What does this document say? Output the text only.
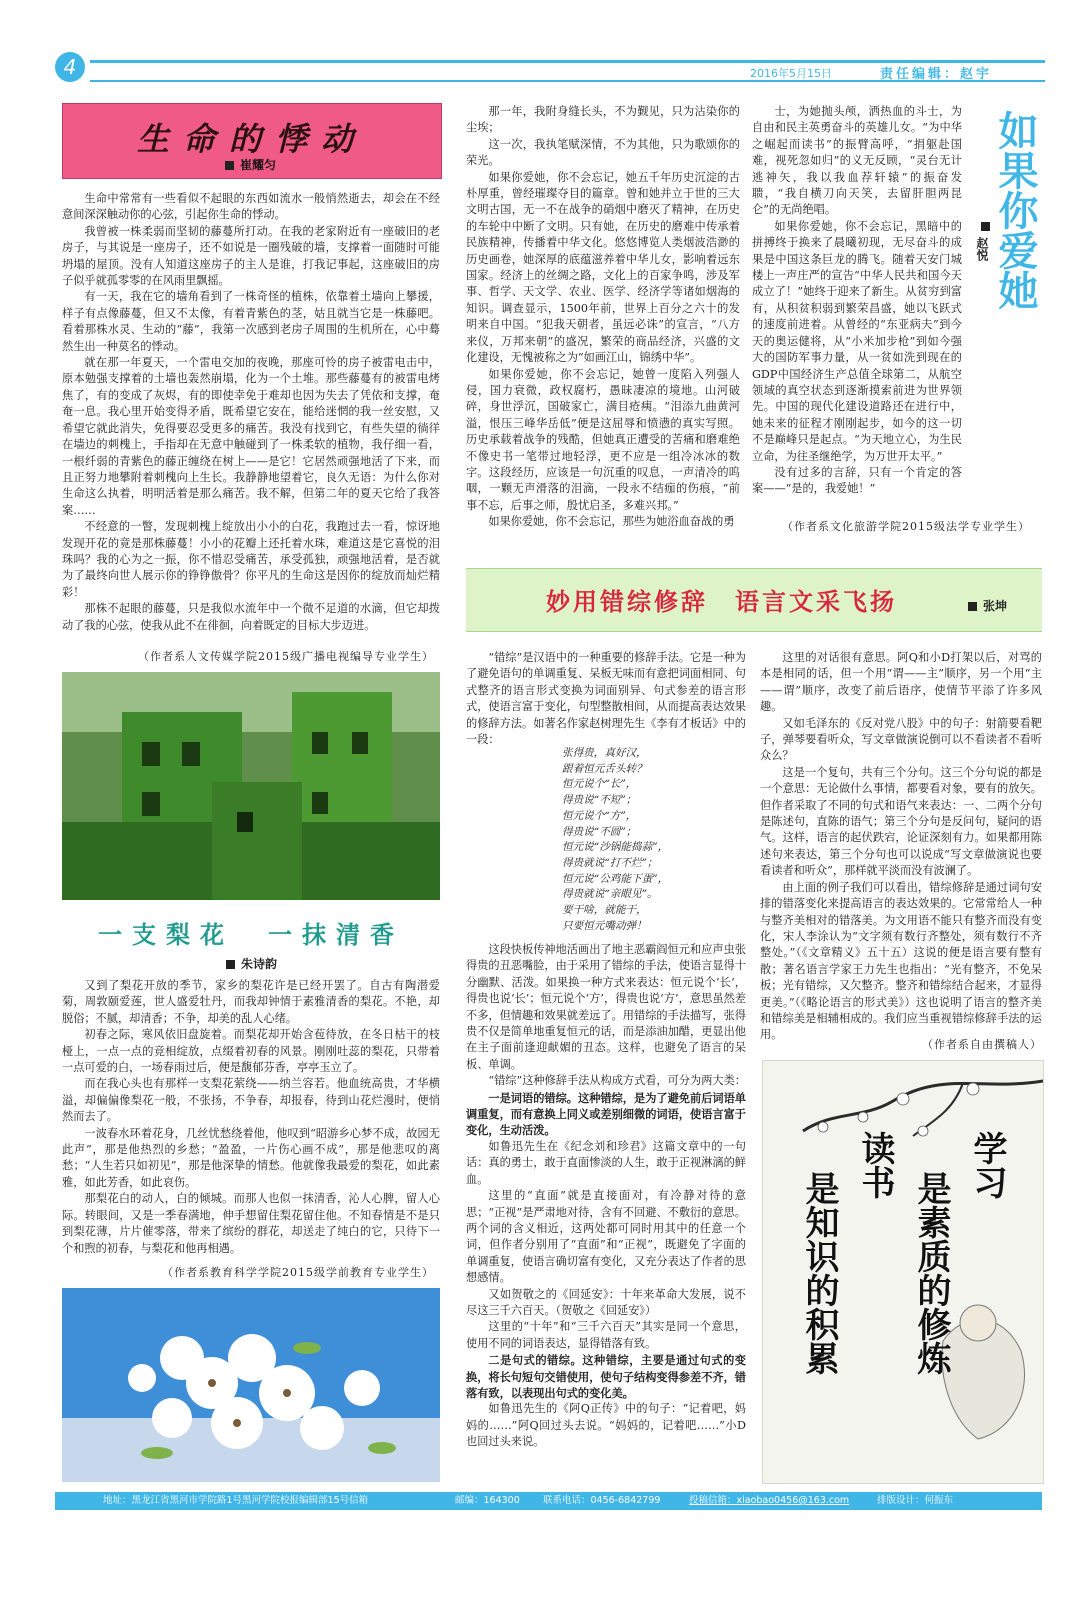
4	2016年5月15日	责任编辑：赵宇
生命的悸动
崔耀匀

生命中常常有一些看似不起眼的东西如流水一般悄然逝去，却会在不经意间深深触动你的心弦，引起你生命的悸动。

我曾被一株柔弱而坚韧的藤蔓所打动。在我的老家附近有一座破旧的老房子，与其说是一座房子，还不如说是一圈残破的墙，支撑着一面随时可能坍塌的屋顶。没有人知道这座房子的主人是谁，打我记事起，这座破旧的房子似乎就孤零零的在风雨里飘摇。

有一天，我在它的墙角看到了一株奇怪的植株，依靠着土墙向上攀援，样子有点像藤蔓，但又不太像，有着青紫色的茎，姑且就当它是一株藤吧。看着那株水灵、生动的“藤”，我第一次感到老房子周围的生机所在，心中蓦然生出一种莫名的悸动。

就在那一年夏天，一个雷电交加的夜晚，那座可怜的房子被雷电击中，原本勉强支撑着的土墙也轰然崩塌，化为一个土堆。那些藤蔓有的被雷电烤焦了，有的变成了灰烬，有的即使幸免于难却也因为失去了凭依和支撑，奄奄一息。我心里开始变得矛盾，既希望它安在，能给迷惘的我一丝安慰，又希望它就此消失，免得要忍受更多的痛苦。我没有找到它，有些失望的徜徉在墙边的刺槐上，手指却在无意中触碰到了一株柔软的植物，我仔细一看，一根纤弱的青紫色的藤正缠绕在树上——是它！它居然顽强地活了下来，而且正努力地攀附着刺槐向上生长。我静静地望着它，良久无语：为什么你对生命这么执着，明明活着是那么痛苦。我不解，但第二年的夏天它给了我答案……

不经意的一瞥，发现刺槐上绽放出小小的白花，我跑过去一看，惊讶地发现开花的竟是那株藤蔓！小小的花瓣上还托着水珠，难道这是它喜悦的泪珠吗？我的心为之一振，你不惜忍受痛苦，承受孤独，顽强地活着，是否就为了最终向世人展示你的铮铮傲骨？你平凡的生命这是因你的绽放而灿烂精彩！

那株不起眼的藤蔓，只是我似水流年中一个微不足道的水滴，但它却拨动了我的心弦，使我从此不在徘徊，向着既定的目标大步迈进。

（作者系人文传媒学院2015级广播电视编导专业学生）
一支梨花　一抹清香
朱诗韵

又到了梨花开放的季节，家乡的梨花许是已经开罢了。自古有陶潜爱菊，周敦颐爱莲，世人盛爱牡丹，而我却钟情于素雅清香的梨花。不艳，却脱俗；不腻，却清香；不争，却美的乱人心绪。

初春之际，寒风依旧盘旋着。而梨花却开始含苞待放，在冬日枯干的枝桠上，一点一点的竞相绽放，点缀着初春的风景。刚刚吐蕊的梨花，只带着一点可爱的白，一场春雨过后，便是馥郁芬香，亭亭玉立了。

而在我心头也有那样一支梨花萦绕——纳兰容若。他血统高贵，才华横溢，却偏偏像梨花一般，不张扬，不争春，却报春，待到山花烂漫时，便悄然而去了。

一波春水环着花身，几丝忧愁绕着他，他叹到“昭游乡心梦不成，故园无此声”，那是他热烈的乡愁；“盈盈，一片伤心画不成”，那是他悲叹的离愁；“人生若只如初见”，那是他深挚的情愁。他就像我最爱的梨花，如此素雅，如此芳香，如此哀伤。

那梨花白的动人，白的倾城。而那人也似一抹清香，沁人心脾，留人心际。转眼间，又是一季春满地，伸手想留住梨花留住他。不知春情是不是只到梨花薄，片片催零落，带来了缤纷的群花，却送走了纯白的它，只待下一个和煦的初春，与梨花和他再相遇。

（作者系教育科学学院2015级学前教育专业学生）

那一年，我附身缝长头，不为觐见，只为沾染你的尘埃；

这一次，我执笔赋深情，不为其他，只为歌颂你的荣光。

如果你爱她，你不会忘记，她五千年历史沉淀的古朴厚重，曾经璀璨夺目的篇章。曾和她并立于世的三大文明古国，无一不在战争的硝烟中磨灭了精神，在历史的车轮中中断了文明。只有她，在历史的磨难中传承着民族精神，传播着中华文化。悠悠博览人类烟波浩渺的历史画卷，她深厚的底蕴滋养着中华儿女，影响着远东国家。经济上的丝绸之路，文化上的百家争鸣，涉及军事、哲学、天文学、农业、医学、经济学等诸如烟海的知识。调查显示，1500年前，世界上百分之六十的发明来自中国。“犯我天朝者，虽远必诛”的宣言，“八方来仪，万邦来朝”的盛况，繁荣的商品经济，兴盛的文化建设，无愧被称之为“如画江山，锦绣中华”。

如果你爱她，你不会忘记，她曾一度陷入列强人侵，国力衰微，政权腐朽，愚昧凄凉的境地。山河破碎，身世浮沉，国破家亡，满目疮痍。“泪添九曲黄河溢，恨压三峰华岳低”便是这屈辱和愤懑的真实写照。历史承载着战争的残酷，但她真正遭受的苦痛和磨难绝不像史书一笔带过地轻浮，更不应是一组冷冰冰的数字。这段经历，应该是一句沉重的叹息，一声清冷的呜咽，一颗无声滑落的泪滴，一段永不结痂的伤痕，“前事不忘，后事之师，殷忧启圣，多难兴邦。”

如果你爱她，你不会忘记，那些为她浴血奋战的勇

士，为她抛头颅，洒热血的斗士，为自由和民主英勇奋斗的英雄儿女。“为中华之崛起而读书”的振臂高呼，“捐躯赴国难，视死忽如归”的义无反顾，“灵台无计逃神矢，我以我血荐轩辕”的振奋发聩，“我自横刀向天笑，去留肝胆两昆仑”的无尚绝唱。

如果你爱她，你不会忘记，黑暗中的拼搏终于换来了晨曦初现，无尽奋斗的成果是中国这条巨龙的腾飞。随着天安门城楼上一声庄严的宣告“中华人民共和国今天成立了！”她终于迎来了新生。从贫穷到富有，从积贫积弱到繁荣昌盛，她以飞跃式的速度前进着。从曾经的“东亚病夫”到今天的奥运健将，从“小米加步枪”到如今强大的国防军事力量，从一贫如洗到现在的GDP中国经济生产总值全球第二，从航空领域的真空状态到逐渐摸索前进为世界领先。中国的现代化建设道路还在进行中，她未来的征程才刚刚起步，如今的这一切不是巅峰只是起点。“为天地立心，为生民立命，为往圣继绝学，为万世开太平。”

没有过多的言辞，只有一个肯定的答案——“是的，我爱她！”

如果你爱她
赵悦
（作者系文化旅游学院2015级法学专业学生）
妙用错综修辞　语言文采飞扬	张坤

“错综”是汉语中的一种重要的修辞手法。它是一种为了避免语句的单调重复、呆板无味而有意把词面相同、句式整齐的语言形式变换为词面别异、句式参差的语言形式，使语言富于变化，句型整散相间，从而提高表达效果的修辞方法。如著名作家赵树理先生《李有才板话》中的一段：

张得贵，真好汉，
跟着恒元舌头转？
恒元说个“长”，
得贵说“不短”；
恒元说个“方”，
得贵说“不圆”；
恒元说“沙锅能捣蒜”，
得贵就说“打不烂”；
恒元说“公鸡能下蛋”，
得贵就说“亲眼见”。
要干啥，就能干，
只要恒元嘴动弹！

这段快板传神地活画出了地主恶霸阎恒元和应声虫张得贵的丑恶嘴脸，由于采用了错综的手法，使语言显得十分幽默、活泼。如果换一种方式来表达：恒元说个‘长’，得贵也说‘长’；恒元说个‘方’，得贵也说‘方’，意思虽然差不多，但情趣和效果就差远了。用错综的手法描写，张得贵不仅是简单地重复恒元的话，而是添油加醋，更显出他在主子面前逢迎献媚的丑态。这样，也避免了语言的呆板、单调。

“错综”这种修辞手法从构成方式看，可分为两大类：

一是词语的错综。这种错综，是为了避免前后词语单调重复，而有意换上同义或差别细微的词语，使语言富于变化，生动活泼。

如鲁迅先生在《纪念刘和珍君》这篇文章中的一句话：真的勇士，敢于直面惨淡的人生，敢于正视淋漓的鲜血。

这里的“直面”就是直接面对，有冷静对待的意思；“正视”是严肃地对待，含有不回避、不敷衍的意思。两个词的含义相近，这两处都可同时用其中的任意一个词，但作者分别用了“直面”和“正视”，既避免了字面的单调重复，使语言确切富有变化，又充分表达了作者的思想感情。

又如贺敬之的《回延安》：十年来革命大发展，说不尽这三千六百天。（贺敬之《回延安》）

这里的“十年”和“三千六百天”其实是同一个意思，使用不同的词语表达，显得错落有致。

二是句式的错综。这种错综，主要是通过句式的变换，将长句短句交错使用，使句子结构变得参差不齐，错落有致，以表现出句式的变化美。

如鲁迅先生的《阿Q正传》中的句子：“记着吧，妈妈的……”阿Q回过头去说。“妈妈的，记着吧……”小D也回过头来说。

这里的对话很有意思。阿Q和小D打架以后，对骂的本是相同的话，但一个用“谓——主”顺序，另一个用“主——谓”顺序，改变了前后语序，使情节平添了许多风趣。

又如毛泽东的《反对党八股》中的句子：射箭要看靶子，弹琴要看听众，写文章做演说倒可以不看读者不看听众么？

这是一个复句，共有三个分句。这三个分句说的都是一个意思：无论做什么事情，都要看对象，要有的放矢。但作者采取了不同的句式和语气来表达：一、二两个分句是陈述句，直陈的语气；第三个分句是反问句，疑问的语气。这样，语言的起伏跌宕，论证深刻有力。如果都用陈述句来表达，第三个分句也可以说成“写文章做演说也要看读者和听众”，那样就平淡而没有波澜了。

由上面的例子我们可以看出，错综修辞是通过词句安排的错落变化来提高语言的表达效果的。它常常给人一种与整齐美相对的错落美。为文用语不能只有整齐而没有变化，宋人李涂认为“文字须有数行齐整处，须有数行不齐整处。”（《文章精义》五十五）这说的便是语言要有整有散；著名语言学家王力先生也指出：“光有整齐，不免呆板；光有错综，又欠整齐。整齐和错综结合起来，才显得更美。”（《略论语言的形式美》）这也说明了语言的整齐美和错综美是相辅相成的。我们应当重视错综修辞手法的运用。

（作者系自由撰稿人）
学习
读书
是素质的修炼
是知识的积累
地址：黑龙江省黑河市学院路1号黑河学院校报编辑部15号信箱	邮编：164300 联系电话：0456-6842799	投稿信箱：xiaobao0456@163.com	排版设计：何振东
